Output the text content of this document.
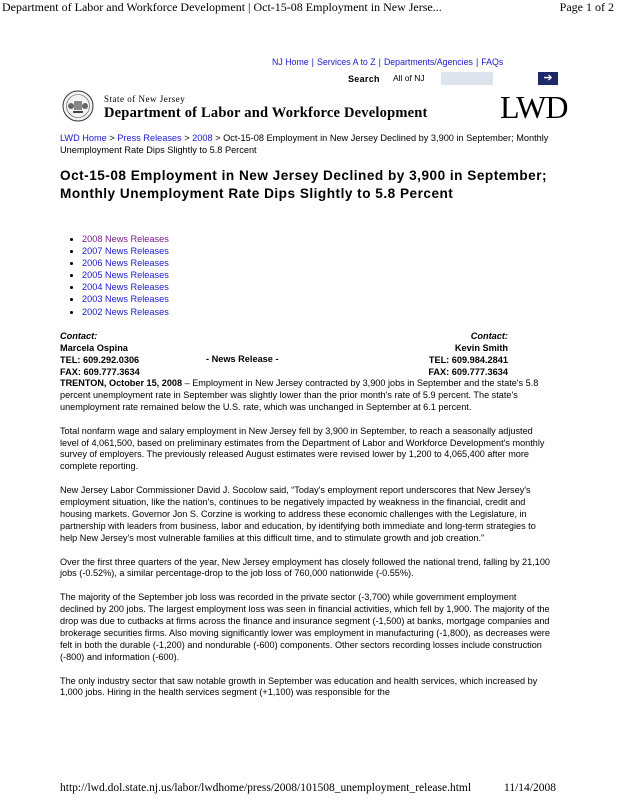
Department of Labor and Workforce Development | Oct-15-08 Employment in New Jerse...	Page 1 of 2
NJ Home | Services A to Z | Departments/Agencies | FAQs
Search All of NJ	➔
State of New Jersey
Department of Labor and Workforce Development LWD
LWD Home > Press Releases > 2008 > Oct-15-08 Employment in New Jersey Declined by 3,900 in September; Monthly Unemployment Rate Dips Slightly to 5.8 Percent
Oct-15-08 Employment in New Jersey Declined by 3,900 in September; Monthly Unemployment Rate Dips Slightly to 5.8 Percent
• 2008 News Releases
• 2007 News Releases
• 2006 News Releases
• 2005 News Releases
• 2004 News Releases
• 2003 News Releases
• 2002 News Releases
Contact:
Marcela Ospina
TEL: 609.292.0306
FAX: 609.777.3634
- News Release -
Contact:
Kevin Smith
TEL: 609.984.2841
FAX: 609.777.3634

TRENTON, October 15, 2008 – Employment in New Jersey contracted by 3,900 jobs in September and the state's 5.8 percent unemployment rate in September was slightly lower than the prior month's rate of 5.9 percent. The state's unemployment rate remained below the U.S. rate, which was unchanged in September at 6.1 percent.

Total nonfarm wage and salary employment in New Jersey fell by 3,900 in September, to reach a seasonally adjusted level of 4,061,500, based on preliminary estimates from the Department of Labor and Workforce Development's monthly survey of employers. The previously released August estimates were revised lower by 1,200 to 4,065,400 after more complete reporting.

New Jersey Labor Commissioner David J. Socolow said, “Today's employment report underscores that New Jersey's employment situation, like the nation's, continues to be negatively impacted by weakness in the financial, credit and housing markets. Governor Jon S. Corzine is working to address these economic challenges with the Legislature, in partnership with leaders from business, labor and education, by identifying both immediate and long-term strategies to help New Jersey's most vulnerable families at this difficult time, and to stimulate growth and job creation.”

Over the first three quarters of the year, New Jersey employment has closely followed the national trend, falling by 21,100 jobs (-0.52%), a similar percentage-drop to the job loss of 760,000 nationwide (-0.55%).

The majority of the September job loss was recorded in the private sector (-3,700) while government employment declined by 200 jobs. The largest employment loss was seen in financial activities, which fell by 1,900. The majority of the drop was due to cutbacks at firms across the finance and insurance segment (-1,500) at banks, mortgage companies and brokerage securities firms. Also moving significantly lower was employment in manufacturing (-1,800), as decreases were felt in both the durable (-1,200) and nondurable (-600) components. Other sectors recording losses include construction (-800) and information (-600).

The only industry sector that saw notable growth in September was education and health services, which increased by 1,000 jobs. Hiring in the health services segment (+1,100) was responsible for the

http://lwd.dol.state.nj.us/labor/lwdhome/press/2008/101508_unemployment_release.html	11/14/2008
